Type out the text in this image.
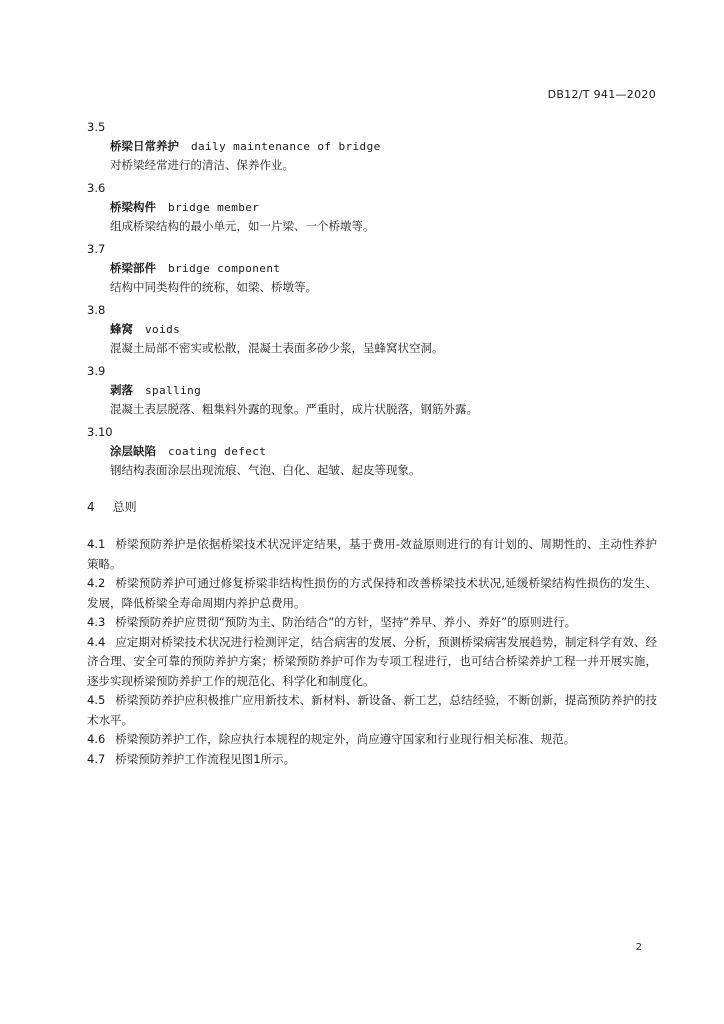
DB12/T 941—2020
3.5
桥梁日常养护 daily maintenance of bridge
对桥梁经常进行的清洁、保养作业。
3.6
桥梁构件 bridge member
组成桥梁结构的最小单元，如一片梁、一个桥墩等。
3.7
桥梁部件 bridge component
结构中同类构件的统称，如梁、桥墩等。
3.8
蜂窝 voids
混凝土局部不密实或松散，混凝土表面多砂少浆，呈蜂窝状空洞。
3.9
剥落 spalling
混凝土表层脱落、粗集料外露的现象。严重时，成片状脱落，钢筋外露。
3.10
涂层缺陷 coating defect
钢结构表面涂层出现流痕、气泡、白化、起皱、起皮等现象。
4 总则

4.1 桥梁预防养护是依据桥梁技术状况评定结果，基于费用-效益原则进行的有计划的、周期性的、主动性养护策略。

4.2 桥梁预防养护可通过修复桥梁非结构性损伤的方式保持和改善桥梁技术状况,延缓桥梁结构性损伤的发生、发展，降低桥梁全寿命周期内养护总费用。

4.3 桥梁预防养护应贯彻“预防为主、防治结合”的方针，坚持“养早、养小、养好”的原则进行。

4.4 应定期对桥梁技术状况进行检测评定，结合病害的发展、分析，预测桥梁病害发展趋势，制定科学有效、经济合理、安全可靠的预防养护方案；桥梁预防养护可作为专项工程进行，也可结合桥梁养护工程一并开展实施，逐步实现桥梁预防养护工作的规范化、科学化和制度化。

4.5 桥梁预防养护应积极推广应用新技术、新材料、新设备、新工艺，总结经验，不断创新，提高预防养护的技术水平。

4.6 桥梁预防养护工作，除应执行本规程的规定外，尚应遵守国家和行业现行相关标准、规范。

4.7 桥梁预防养护工作流程见图1所示。

2
